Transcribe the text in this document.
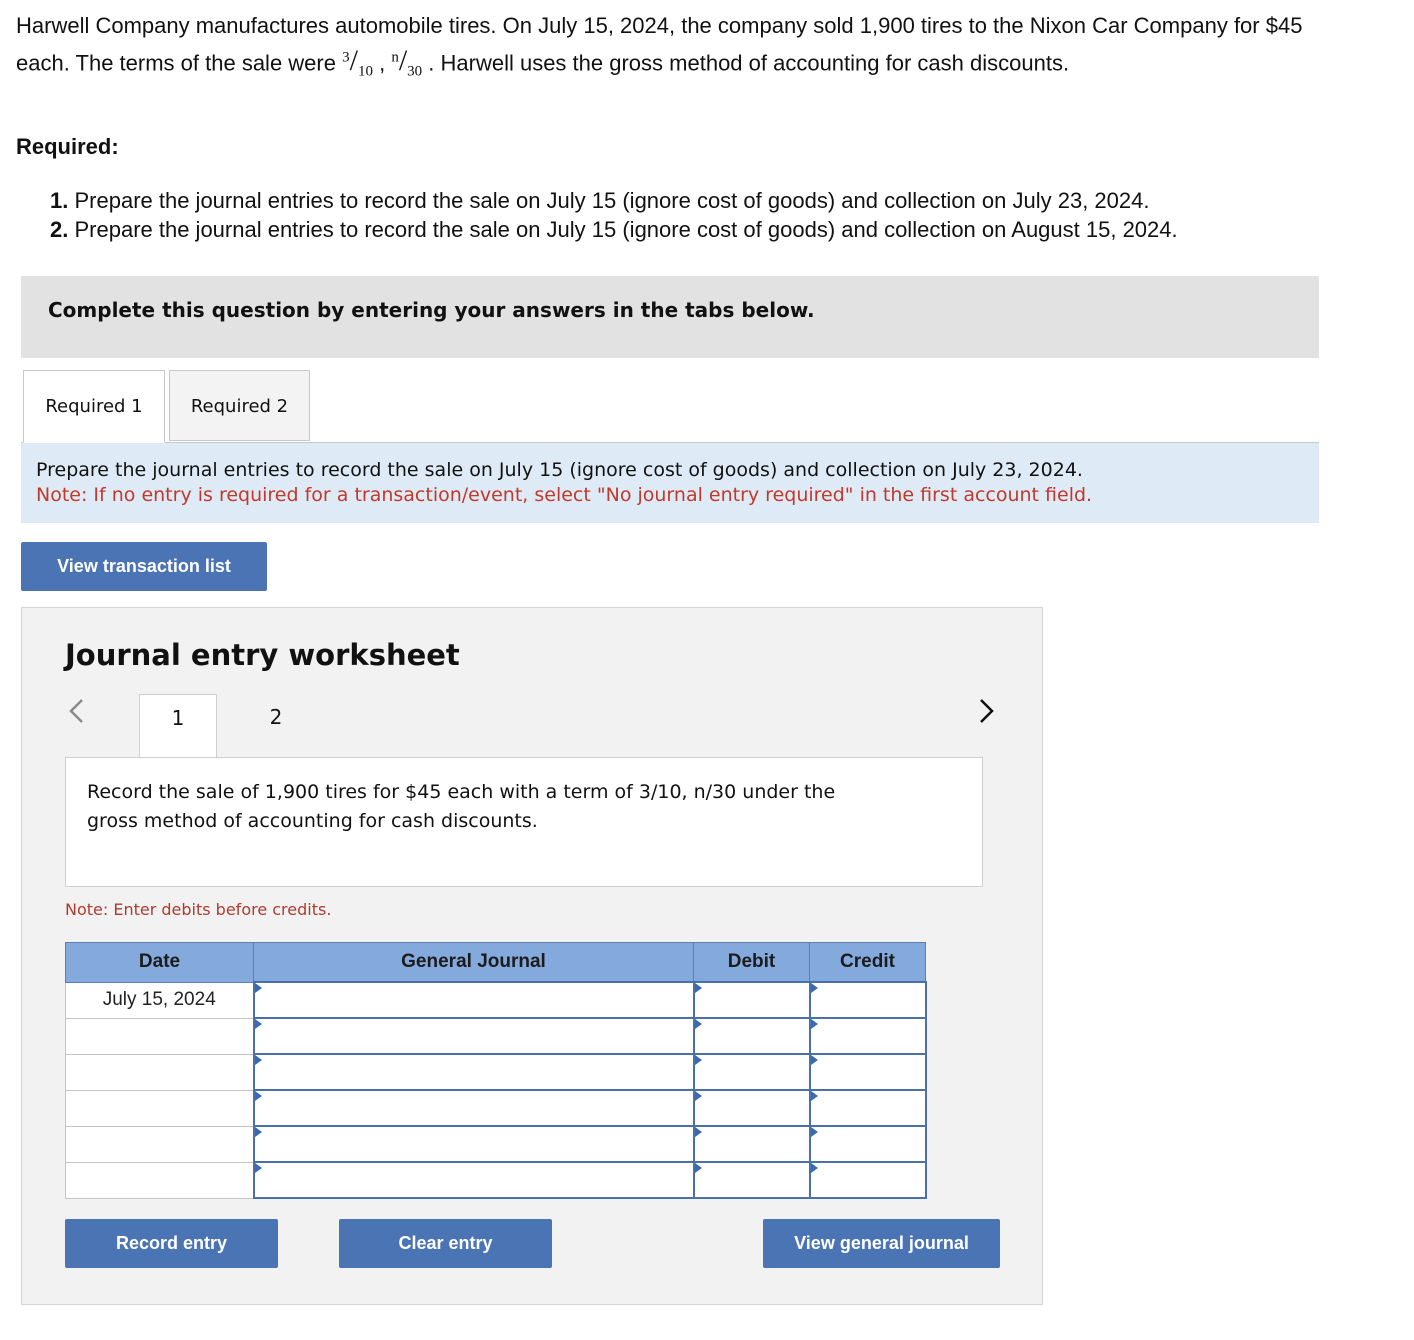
Harwell Company manufactures automobile tires. On July 15, 2024, the company sold 1,900 tires to the Nixon Car Company for $45 each. The terms of the sale were $^3/_{10}$ , $^n/_{30}$ . Harwell uses the gross method of accounting for cash discounts.
Required:
1. Prepare the journal entries to record the sale on July 15 (ignore cost of goods) and collection on July 23, 2024.
2. Prepare the journal entries to record the sale on July 15 (ignore cost of goods) and collection on August 15, 2024.
Complete this question by entering your answers in the tabs below.
Required 1	Required 2
Prepare the journal entries to record the sale on July 15 (ignore cost of goods) and collection on July 23, 2024.
Note: If no entry is required for a transaction/event, select "No journal entry required" in the first account field.
View transaction list
Journal entry worksheet
1	2
Record the sale of 1,900 tires for $45 each with a term of 3/10, n/30 under the gross method of accounting for cash discounts.
Note: Enter debits before credits.
Date	General Journal	Debit	Credit
July 15, 2024			

Record entry	Clear entry	View general journal
